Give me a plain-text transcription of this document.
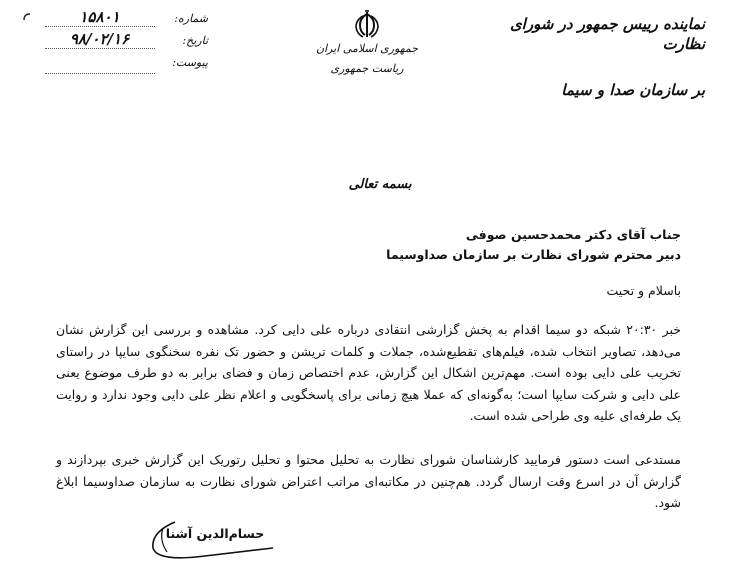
شماره: ۱۵۸۰۱
تاریخ: ۹۸/۰۲/۱۶
پیوست:
جمهوری اسلامی ایران
ریاست جمهوری
نماینده رییس جمهور در شورای نظارت
بر سازمان صدا و سیما
بسمه تعالی
جناب آقای دکتر محمدحسین صوفی
دبیر محترم شورای نظارت بر سازمان صداوسیما
باسلام و تحیت
خبر ۲۰:۳۰ شبکه دو سیما اقدام به پخش گزارشی انتقادی درباره علی دایی کرد. مشاهده و بررسی این گزارش نشان می‌دهد، تصاویر انتخاب شده، فیلم‌های تقطیع‌شده، جملات و کلمات تریشن و حضور تک نفره سخنگوی سایپا در راستای تخریب علی دایی بوده است. مهم‌ترین اشکال این گزارش، عدم اختصاص زمان و فضای برابر به دو طرف موضوع یعنی علی دایی و شرکت سایپا است؛ به‌گونه‌ای که عملا هیچ زمانی برای پاسخگویی و اعلام نظر علی دایی وجود ندارد و روایت یک طرفه‌ای علیه وی طراحی شده است.
مستدعی است دستور فرمایید کارشناسان شورای نظارت به تحلیل محتوا و تحلیل رتوریک این گزارش خبری بپردازند و گزارش آن در اسرع وقت ارسال گردد. هم‌چنین در مکاتبه‌ای مراتب اعتراض شورای نظارت به سازمان صداوسیما ابلاغ شود.
حسام‌الدین آشنا
